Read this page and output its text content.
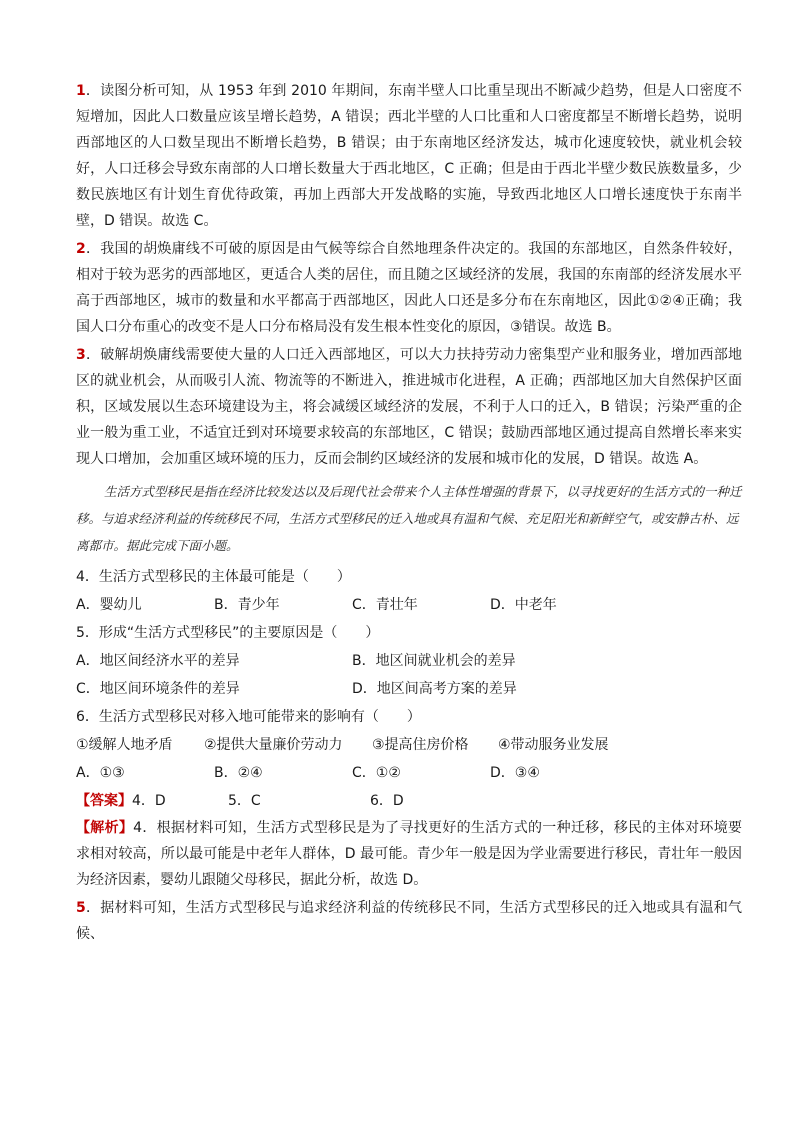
1．读图分析可知，从 1953 年到 2010 年期间，东南半壁人口比重呈现出不断减少趋势，但是人口密度不短增加，因此人口数量应该呈增长趋势，A 错误；西北半壁的人口比重和人口密度都呈不断增长趋势，说明西部地区的人口数呈现出不断增长趋势，B 错误；由于东南地区经济发达，城市化速度较快，就业机会较好，人口迁移会导致东南部的人口增长数量大于西北地区，C 正确；但是由于西北半壁少数民族数量多，少数民族地区有计划生育优待政策，再加上西部大开发战略的实施，导致西北地区人口增长速度快于东南半壁，D 错误。故选 C。

2．我国的胡焕庸线不可破的原因是由气候等综合自然地理条件决定的。我国的东部地区，自然条件较好，相对于较为恶劣的西部地区，更适合人类的居住，而且随之区域经济的发展，我国的东南部的经济发展水平高于西部地区，城市的数量和水平都高于西部地区，因此人口还是多分布在东南地区，因此①②④正确；我国人口分布重心的改变不是人口分布格局没有发生根本性变化的原因，③错误。故选 B。

3．破解胡焕庸线需要使大量的人口迁入西部地区，可以大力扶持劳动力密集型产业和服务业，增加西部地区的就业机会，从而吸引人流、物流等的不断进入，推进城市化进程，A 正确；西部地区加大自然保护区面积，区域发展以生态环境建设为主，将会减缓区域经济的发展，不利于人口的迁入，B 错误；污染严重的企业一般为重工业，不适宜迁到对环境要求较高的东部地区，C 错误；鼓励西部地区通过提高自然增长率来实现人口增加，会加重区域环境的压力，反而会制约区域经济的发展和城市化的发展，D 错误。故选 A。

生活方式型移民是指在经济比较发达以及后现代社会带来个人主体性增强的背景下，以寻找更好的生活方式的一种迁移。与追求经济利益的传统移民不同，生活方式型移民的迁入地或具有温和气候、充足阳光和新鲜空气，或安静古朴、远离都市。据此完成下面小题。

4．生活方式型移民的主体最可能是（　　）

A．婴幼儿	B．青少年	C．青壮年	D．中老年

5．形成“生活方式型移民”的主要原因是（　　）

A．地区间经济水平的差异	B．地区间就业机会的差异
C．地区间环境条件的差异	D．地区间高考方案的差异

6．生活方式型移民对移入地可能带来的影响有（　　）

①缓解人地矛盾	②提供大量廉价劳动力	③提高住房价格	④带动服务业发展
A．①③	B．②④	C．①②	D．③④

【答案】4．D	5．C	6．D

【解析】4．根据材料可知，生活方式型移民是为了寻找更好的生活方式的一种迁移，移民的主体对环境要求相对较高，所以最可能是中老年人群体，D 最可能。青少年一般是因为学业需要进行移民，青壮年一般因为经济因素，婴幼儿跟随父母移民，据此分析，故选 D。

5．据材料可知，生活方式型移民与追求经济利益的传统移民不同，生活方式型移民的迁入地或具有温和气候、
